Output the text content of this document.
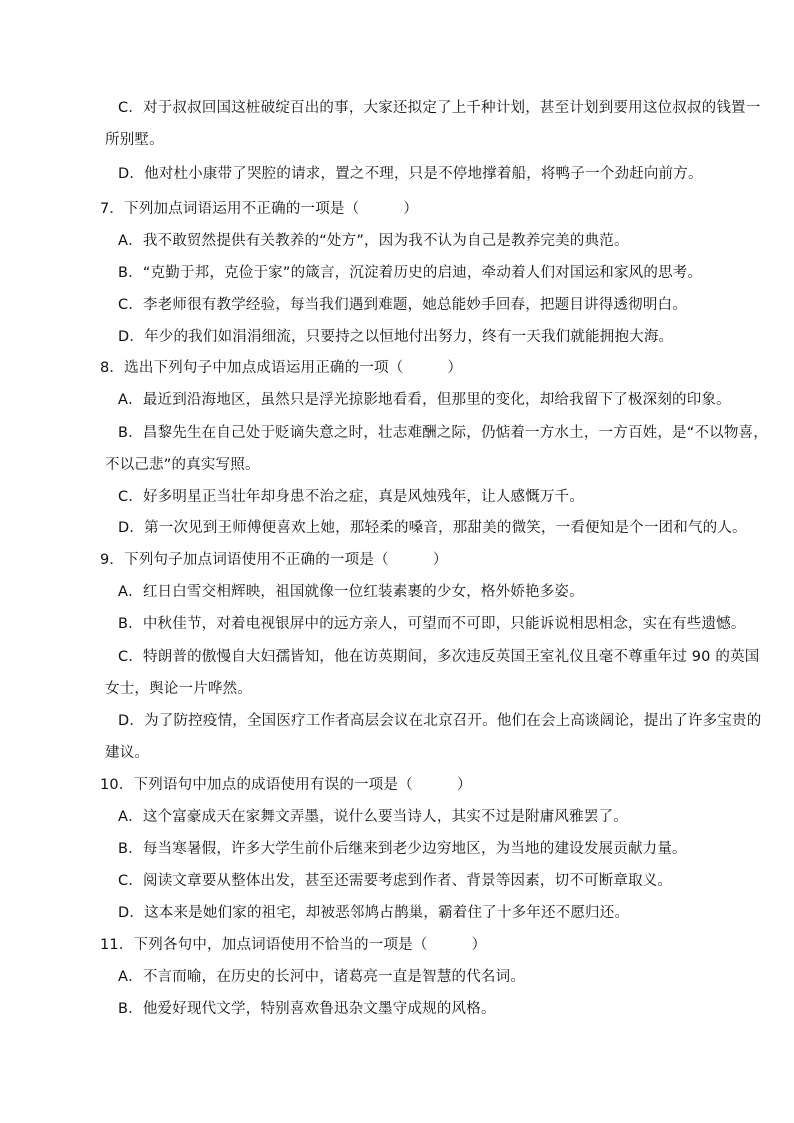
C．对于叔叔回国这桩破绽百出的事，大家还拟定了上千种计划，甚至计划到要用这位叔叔的钱置一
所别墅。
D．他对杜小康带了哭腔的请求，置之不理，只是不停地撑着船，将鸭子一个劲赶向前方。
7．下列加点词语运用不正确的一项是（　　　）
A．我不敢贸然提供有关教养的“处方”，因为我不认为自己是教养完美的典范。
B．“克勤于邦，克俭于家”的箴言，沉淀着历史的启迪，牵动着人们对国运和家风的思考。
C．李老师很有教学经验，每当我们遇到难题，她总能妙手回春，把题目讲得透彻明白。
D．年少的我们如涓涓细流，只要持之以恒地付出努力，终有一天我们就能拥抱大海。
8．选出下列句子中加点成语运用正确的一项（　　　）
A．最近到沿海地区，虽然只是浮光掠影地看看，但那里的变化，却给我留下了极深刻的印象。
B．昌黎先生在自己处于贬谪失意之时，壮志难酬之际，仍惦着一方水土，一方百姓，是“不以物喜，
不以己悲”的真实写照。
C．好多明星正当壮年却身患不治之症，真是风烛残年，让人感慨万千。
D．第一次见到王师傅便喜欢上她，那轻柔的嗓音，那甜美的微笑，一看便知是个一团和气的人。
9．下列句子加点词语使用不正确的一项是（　　　）
A．红日白雪交相辉映，祖国就像一位红装素裹的少女，格外娇艳多姿。
B．中秋佳节，对着电视银屏中的远方亲人，可望而不可即，只能诉说相思相念，实在有些遗憾。
C．特朗普的傲慢自大妇孺皆知，他在访英期间，多次违反英国王室礼仪且毫不尊重年过 90 的英国
女士，舆论一片哗然。
D．为了防控疫情，全国医疗工作者高层会议在北京召开。他们在会上高谈阔论，提出了许多宝贵的
建议。
10．下列语句中加点的成语使用有误的一项是（　　　）
A．这个富豪成天在家舞文弄墨，说什么要当诗人，其实不过是附庸风雅罢了。
B．每当寒暑假，许多大学生前仆后继来到老少边穷地区，为当地的建设发展贡献力量。
C．阅读文章要从整体出发，甚至还需要考虑到作者、背景等因素，切不可断章取义。
D．这本来是她们家的祖宅，却被恶邻鸠占鹊巢，霸着住了十多年还不愿归还。
11．下列各句中，加点词语使用不恰当的一项是（　　　）
A．不言而喻，在历史的长河中，诸葛亮一直是智慧的代名词。
B．他爱好现代文学，特别喜欢鲁迅杂文墨守成规的风格。
